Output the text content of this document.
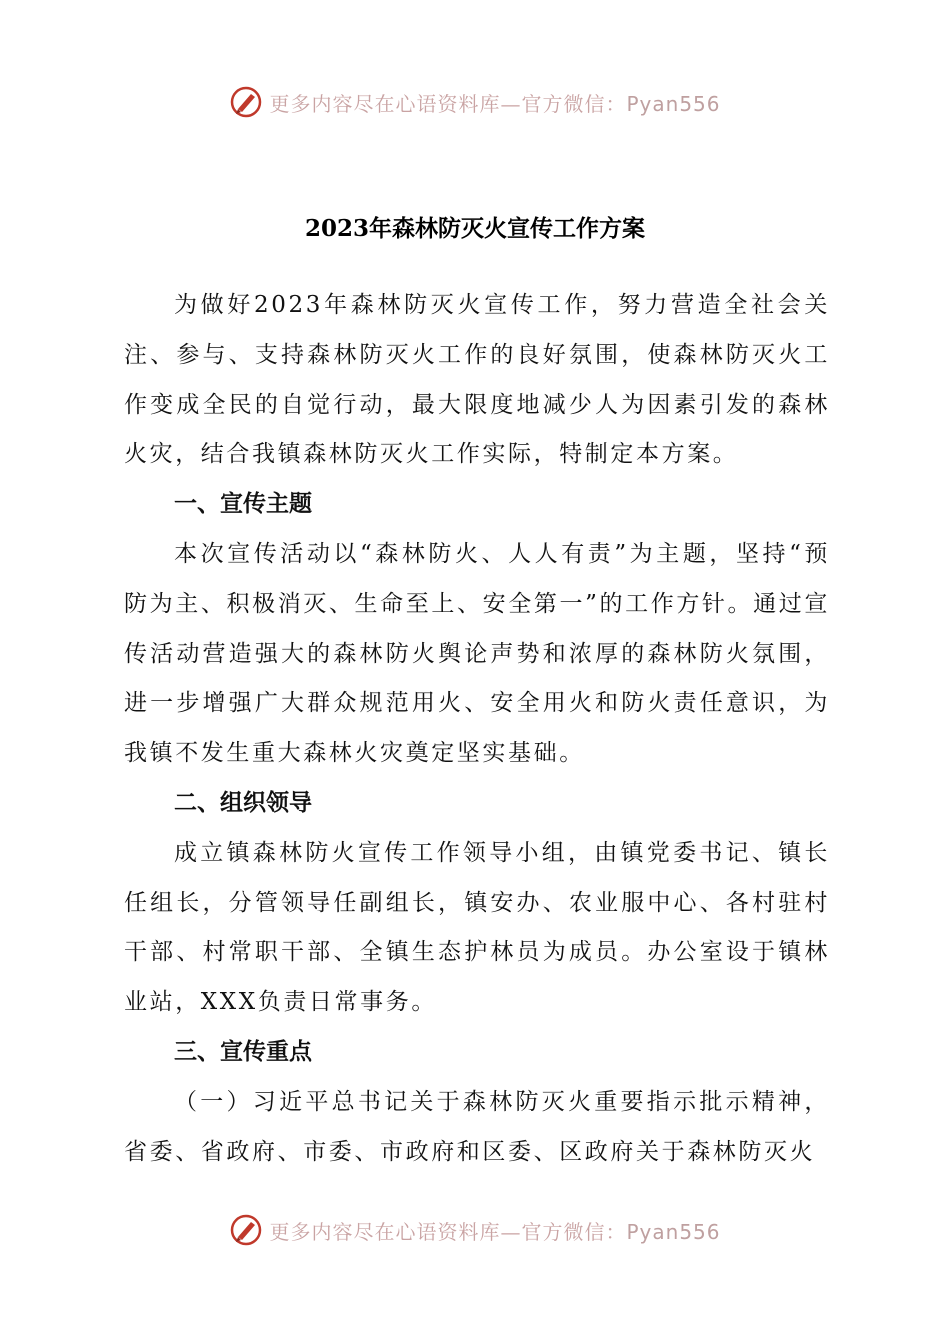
更多内容尽在心语资料库—官方微信：Pyan556
2023年森林防灭火宣传工作方案

为做好2023年森林防灭火宣传工作，努力营造全社会关注、参与、支持森林防灭火工作的良好氛围，使森林防灭火工作变成全民的自觉行动，最大限度地减少人为因素引发的森林火灾，结合我镇森林防灭火工作实际，特制定本方案。

一、宣传主题

本次宣传活动以“森林防火、人人有责”为主题，坚持“预防为主、积极消灭、生命至上、安全第一”的工作方针。通过宣传活动营造强大的森林防火舆论声势和浓厚的森林防火氛围，进一步增强广大群众规范用火、安全用火和防火责任意识，为我镇不发生重大森林火灾奠定坚实基础。

二、组织领导

成立镇森林防火宣传工作领导小组，由镇党委书记、镇长任组长，分管领导任副组长，镇安办、农业服中心、各村驻村干部、村常职干部、全镇生态护林员为成员。办公室设于镇林业站，XXX负责日常事务。

三、宣传重点

（一）习近平总书记关于森林防灭火重要指示批示精神，省委、省政府、市委、市政府和区委、区政府关于森林防灭火

更多内容尽在心语资料库—官方微信：Pyan556
